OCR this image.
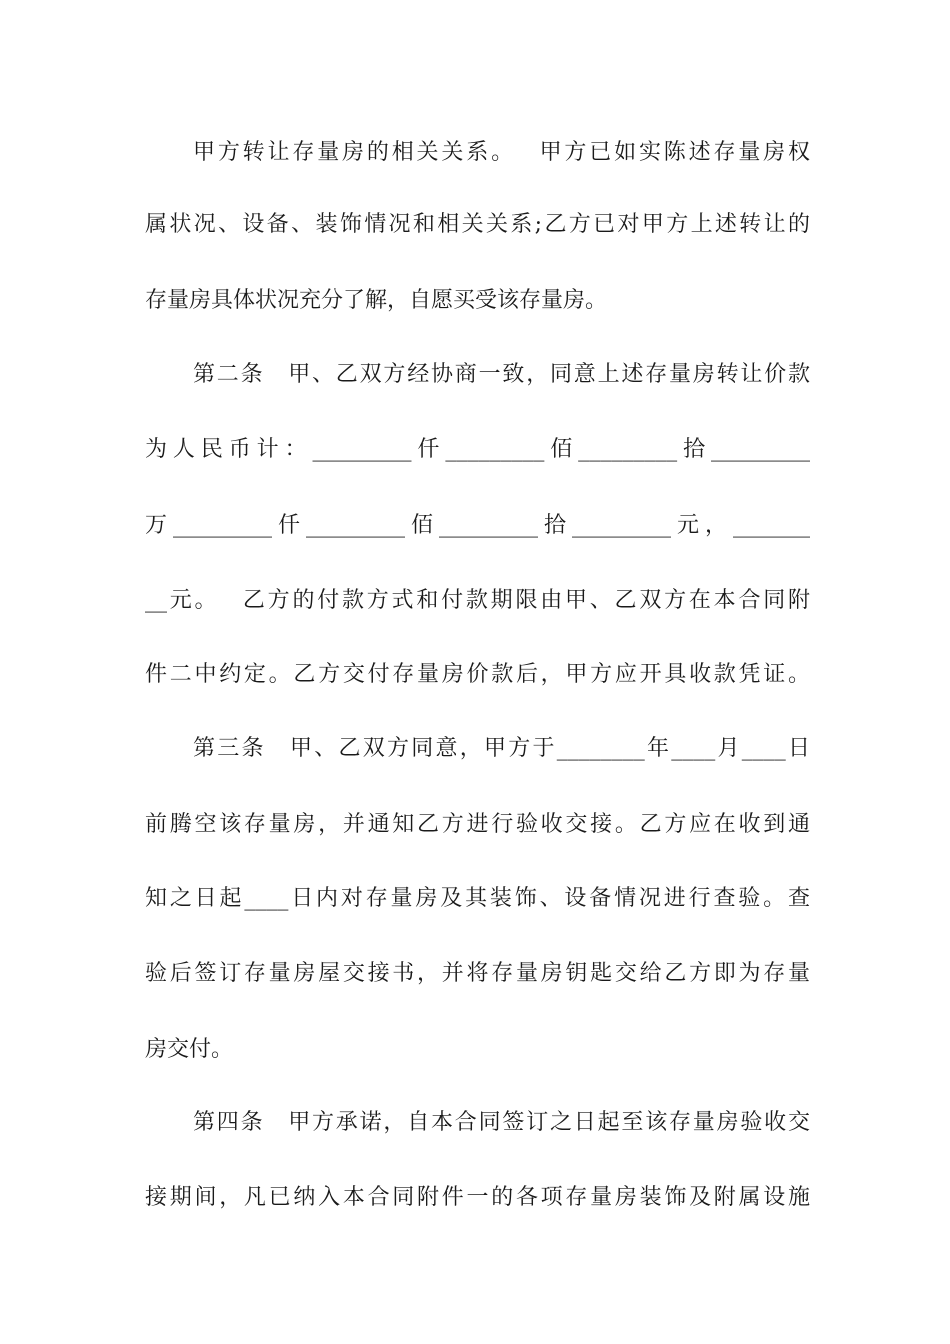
甲方转让存量房的相关关系。　 甲方已如实陈述存量房权
属状况、设备、装饰情况和相关关系;乙方已对甲方上述转让的
存量房具体状况充分了解，自愿买受该存量房。
第二条　甲、乙双方经协商一致，同意上述存量房转让价款
为人民币计：_________仟_________佰_________拾_________
万_________仟_________佰_________拾_________元，_______
__元。　 乙方的付款方式和付款期限由甲、乙双方在本合同附
件二中约定。乙方交付存量房价款后，甲方应开具收款凭证。
第三条　甲、乙双方同意，甲方于________年____月____日
前腾空该存量房，并通知乙方进行验收交接。乙方应在收到通
知之日起____日内对存量房及其装饰、设备情况进行查验。查
验后签订存量房屋交接书，并将存量房钥匙交给乙方即为存量
房交付。
第四条　甲方承诺，自本合同签订之日起至该存量房验收交
接期间，凡已纳入本合同附件一的各项存量房装饰及附属设施
